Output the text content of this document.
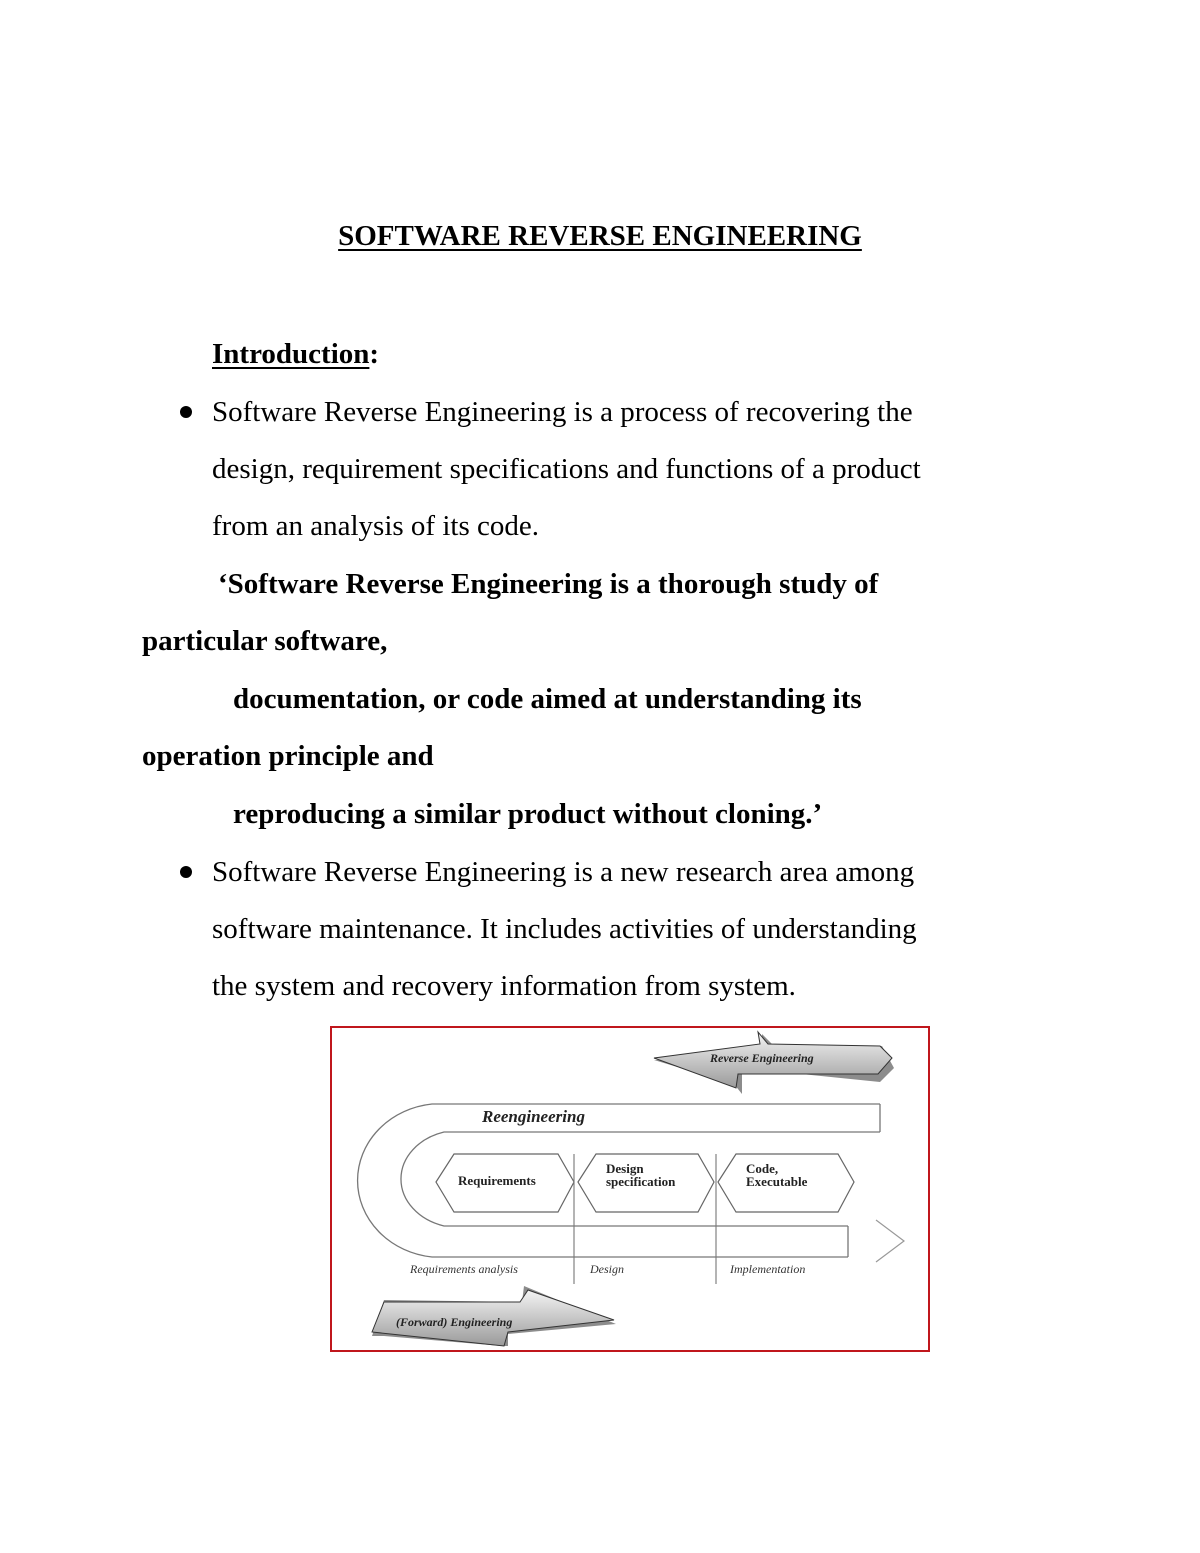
SOFTWARE REVERSE ENGINEERING
Introduction:
Software Reverse Engineering is a process of recovering the
design, requirement specifications and functions of a product
from an analysis of its code.
‘Software Reverse Engineering is a thorough study of
particular software,
documentation, or code aimed at understanding its
operation principle and
reproducing a similar product without cloning.’
Software Reverse Engineering is a new research area among
software maintenance. It includes activities of understanding
the system and recovery information from system.
Reverse Engineering
Reengineering
Requirements
Design
specification
Code,
Executable
Requirements analysis	Design	Implementation
(Forward) Engineering
